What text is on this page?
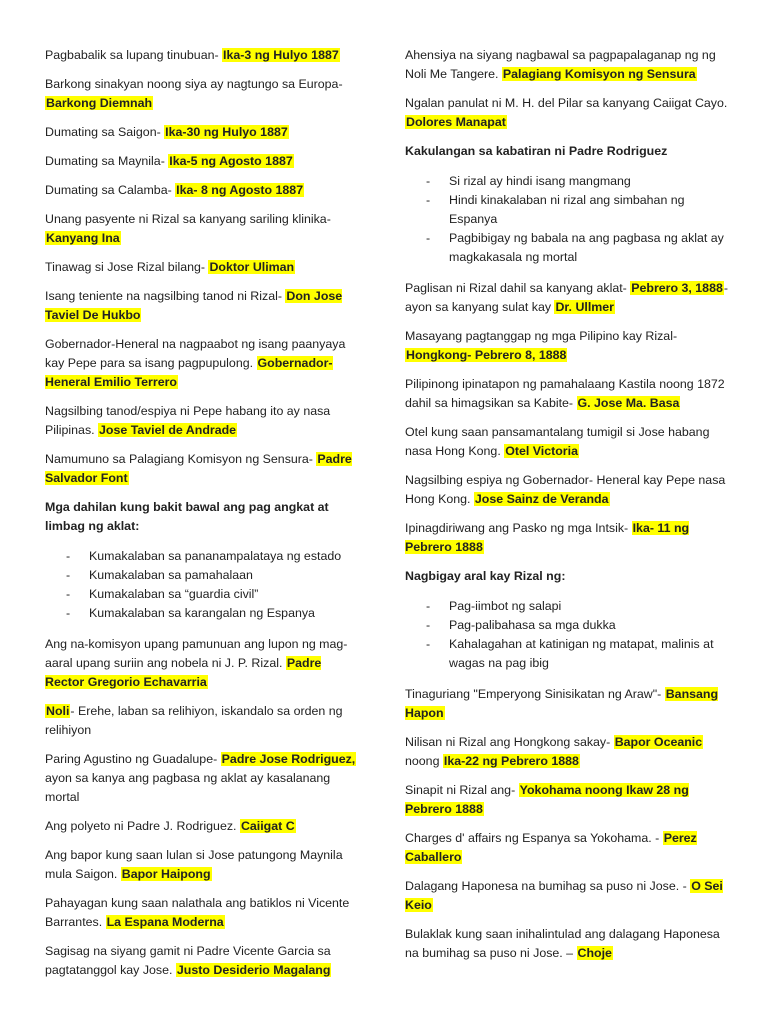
Pagbabalik sa lupang tinubuan- Ika-3 ng Hulyo 1887

Barkong sinakyan noong siya ay nagtungo sa Europa- Barkong Diemnah

Dumating sa Saigon- Ika-30 ng Hulyo 1887

Dumating sa Maynila- Ika-5 ng Agosto 1887

Dumating sa Calamba- Ika- 8 ng Agosto 1887

Unang pasyente ni Rizal sa kanyang sariling klinika- Kanyang Ina

Tinawag si Jose Rizal bilang- Doktor Uliman

Isang teniente na nagsilbing tanod ni Rizal- Don Jose Taviel De Hukbo

Gobernador-Heneral na nagpaabot ng isang paanyaya kay Pepe para sa isang pagpupulong. Gobernador-Heneral Emilio Terrero

Nagsilbing tanod/espiya ni Pepe habang ito ay nasa Pilipinas. Jose Taviel de Andrade

Namumuno sa Palagiang Komisyon ng Sensura- Padre Salvador Font

Mga dahilan kung bakit bawal ang pag angkat at limbag ng aklat:

- Kumakalaban sa pananampalataya ng estado
- Kumakalaban sa pamahalaan
- Kumakalaban sa “guardia civil”
- Kumakalaban sa karangalan ng Espanya

Ang na-komisyon upang pamunuan ang lupon ng mag-aaral upang suriin ang nobela ni J. P. Rizal. Padre Rector Gregorio Echavarria

Noli- Erehe, laban sa relihiyon, iskandalo sa orden ng relihiyon

Paring Agustino ng Guadalupe- Padre Jose Rodriguez, ayon sa kanya ang pagbasa ng aklat ay kasalanang mortal

Ang polyeto ni Padre J. Rodriguez. Caiigat C

Ang bapor kung saan lulan si Jose patungong Maynila mula Saigon. Bapor Haipong

Pahayagan kung saan nalathala ang batiklos ni Vicente Barrantes. La Espana Moderna

Sagisag na siyang gamit ni Padre Vicente Garcia sa pagtatanggol kay Jose. Justo Desiderio Magalang

Ahensiya na siyang nagbawal sa pagpapalaganap ng ng Noli Me Tangere. Palagiang Komisyon ng Sensura

Ngalan panulat ni M. H. del Pilar sa kanyang Caiigat Cayo. Dolores Manapat

Kakulangan sa kabatiran ni Padre Rodriguez

- Si rizal ay hindi isang mangmang
- Hindi kinakalaban ni rizal ang simbahan ng Espanya
- Pagbibigay ng babala na ang pagbasa ng aklat ay magkakasala ng mortal

Paglisan ni Rizal dahil sa kanyang aklat- Pebrero 3, 1888- ayon sa kanyang sulat kay Dr. Ullmer

Masayang pagtanggap ng mga Pilipino kay Rizal- Hongkong- Pebrero 8, 1888

Pilipinong ipinatapon ng pamahalaang Kastila noong 1872 dahil sa himagsikan sa Kabite- G. Jose Ma. Basa

Otel kung saan pansamantalang tumigil si Jose habang nasa Hong Kong. Otel Victoria

Nagsilbing espiya ng Gobernador- Heneral kay Pepe nasa Hong Kong. Jose Sainz de Veranda

Ipinagdiriwang ang Pasko ng mga Intsik- Ika- 11 ng Pebrero 1888

Nagbigay aral kay Rizal ng:

- Pag-iimbot ng salapi
- Pag-palibahasa sa mga dukka
- Kahalagahan at katinigan ng matapat, malinis at wagas na pag ibig

Tinaguriang "Emperyong Sinisikatan ng Araw"- Bansang Hapon

Nilisan ni Rizal ang Hongkong sakay- Bapor Oceanic noong Ika-22 ng Pebrero 1888

Sinapit ni Rizal ang- Yokohama noong Ikaw 28 ng Pebrero 1888

Charges d' affairs ng Espanya sa Yokohama. - Perez Caballero

Dalagang Haponesa na bumihag sa puso ni Jose. - O Sei Keio

Bulaklak kung saan inihalintulad ang dalagang Haponesa na bumihag sa puso ni Jose. – Choje
